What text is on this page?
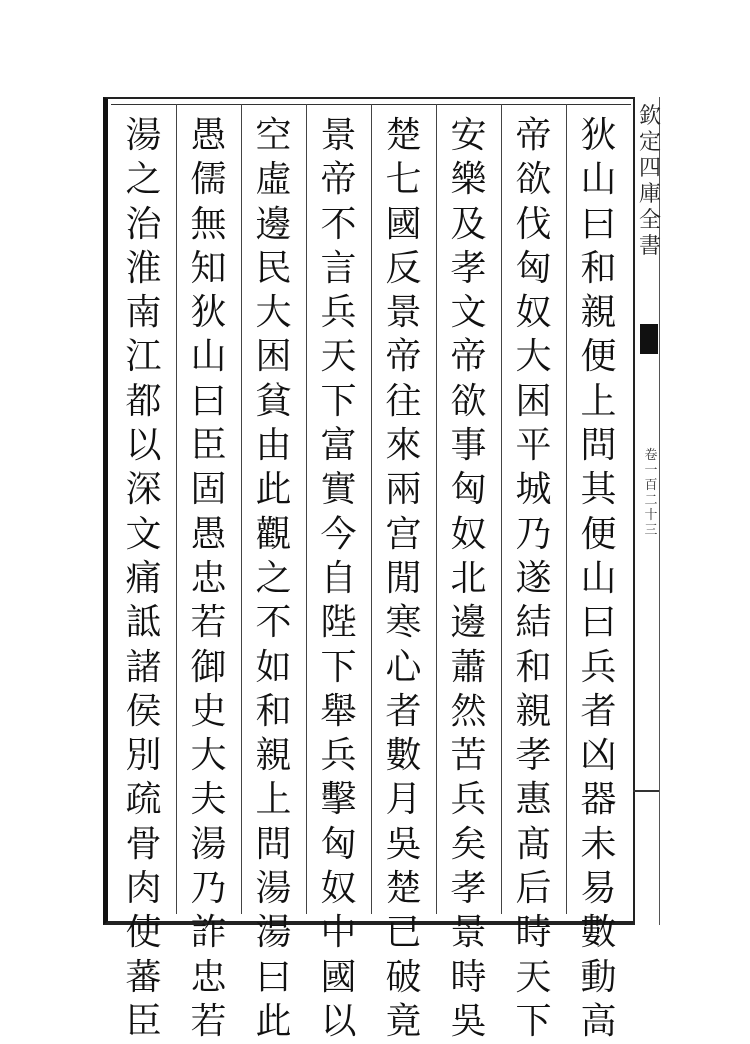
狄
山
曰
和
親
便
上
問
其
便
山
曰
兵
者
凶
器
未
易
數
動
高
帝
欲
伐
匈
奴
大
困
平
城
乃
遂
結
和
親
孝
惠
髙
后
時
天
下
安
樂
及
孝
文
帝
欲
事
匈
奴
北
邊
蕭
然
苦
兵
矣
孝
景
時
吳
楚
七
國
反
景
帝
往
來
兩
宫
閒
寒
心
者
數
月
吳
楚
已
破
竟
景
帝
不
言
兵
天
下
富
實
今
自
陛
下
舉
兵
擊
匈
奴
中
國
以
空
虛
邊
民
大
困
貧
由
此
觀
之
不
如
和
親
上
問
湯
湯
曰
此
愚
儒
無
知
狄
山
曰
臣
固
愚
忠
若
御
史
大
夫
湯
乃
詐
忠
若
湯
之
治
淮
南
江
都
以
深
文
痛
詆
諸
侯
別
疏
骨
肉
使
蕃
臣
欽
定
四
庫
全
書
卷
一
百
二
十
三
